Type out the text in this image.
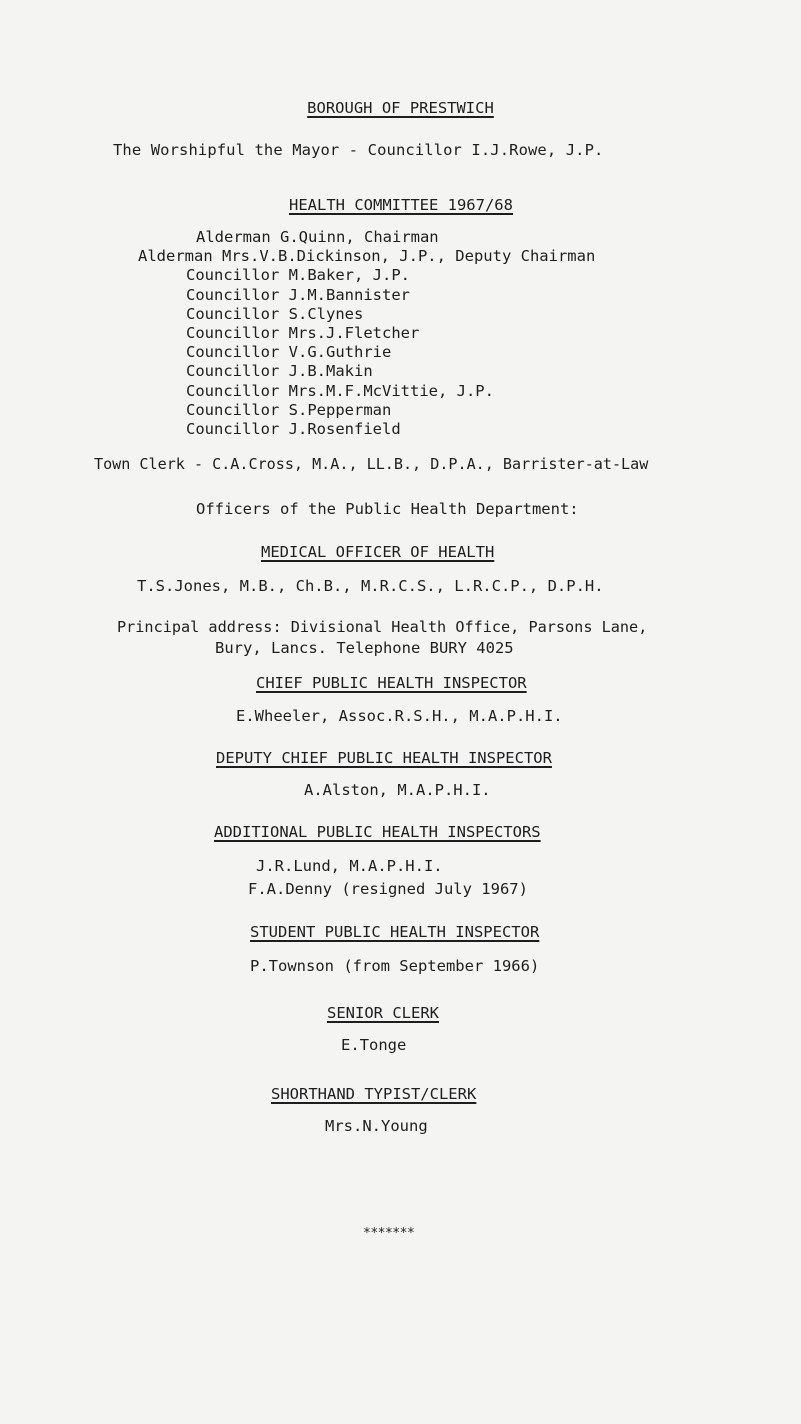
BOROUGH OF PRESTWICH
The Worshipful the Mayor - Councillor I.J.Rowe, J.P.
HEALTH COMMITTEE 1967/68
Alderman G.Quinn, Chairman
Alderman Mrs.V.B.Dickinson, J.P., Deputy Chairman
Councillor M.Baker, J.P.
Councillor J.M.Bannister
Councillor S.Clynes
Councillor Mrs.J.Fletcher
Councillor V.G.Guthrie
Councillor J.B.Makin
Councillor Mrs.M.F.McVittie, J.P.
Councillor S.Pepperman
Councillor J.Rosenfield
Town Clerk - C.A.Cross, M.A., LL.B., D.P.A., Barrister-at-Law
Officers of the Public Health Department:
MEDICAL OFFICER OF HEALTH
T.S.Jones, M.B., Ch.B., M.R.C.S., L.R.C.P., D.P.H.
Principal address: Divisional Health Office, Parsons Lane,
Bury, Lancs. Telephone BURY 4025
CHIEF PUBLIC HEALTH INSPECTOR
E.Wheeler, Assoc.R.S.H., M.A.P.H.I.
DEPUTY CHIEF PUBLIC HEALTH INSPECTOR
A.Alston, M.A.P.H.I.
ADDITIONAL PUBLIC HEALTH INSPECTORS
J.R.Lund, M.A.P.H.I.
F.A.Denny (resigned July 1967)
STUDENT PUBLIC HEALTH INSPECTOR
P.Townson (from September 1966)
SENIOR CLERK
E.Tonge
SHORTHAND TYPIST/CLERK
Mrs.N.Young
*******
